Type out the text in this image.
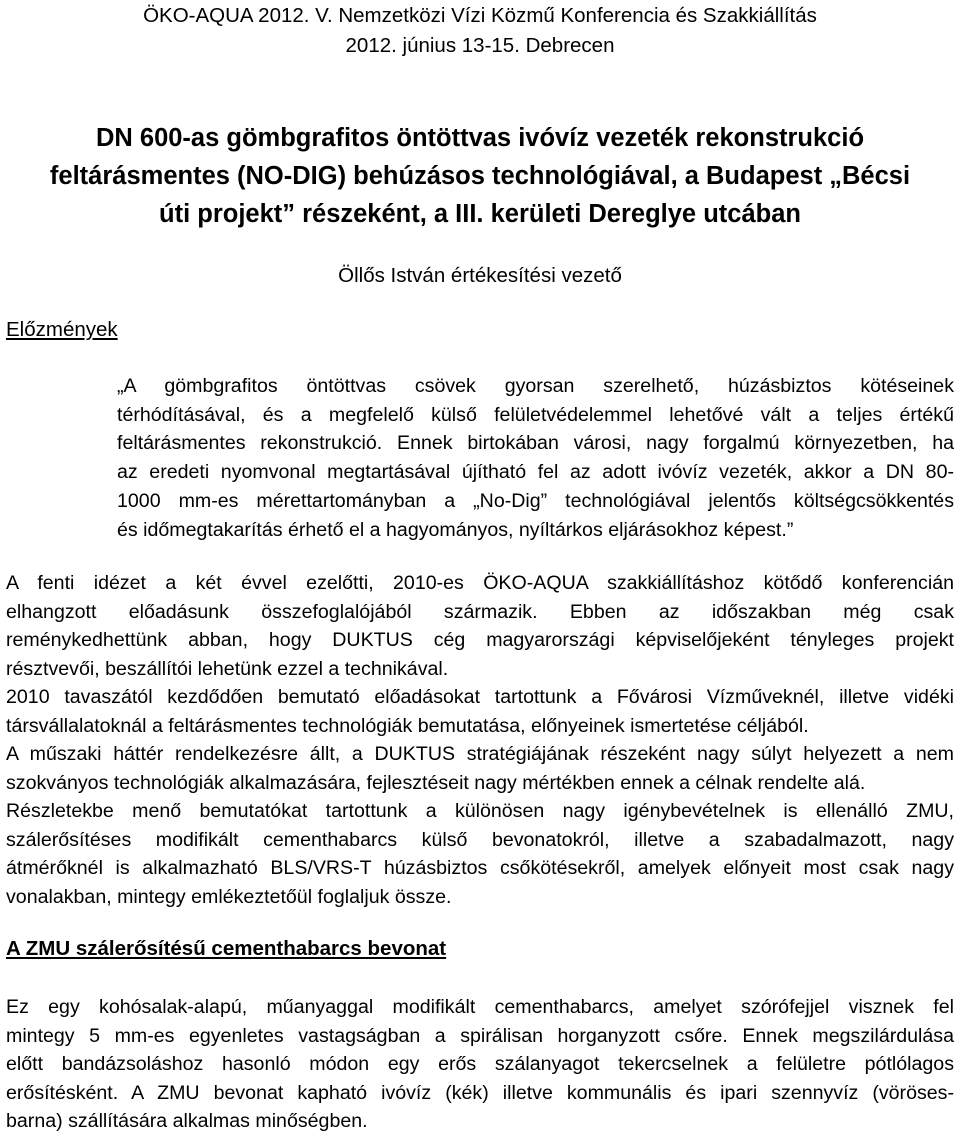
ÖKO-AQUA 2012. V. Nemzetközi Vízi Közmű Konferencia és Szakkiállítás
2012. június 13-15. Debrecen
DN 600-as gömbgrafitos öntöttvas ivóvíz vezeték rekonstrukció
feltárásmentes (NO-DIG) behúzásos technológiával, a Budapest „Bécsi
úti projekt” részeként, a III. kerületi Dereglye utcában
Öllős István értékesítési vezető
Előzmények
„A gömbgrafitos öntöttvas csövek gyorsan szerelhető, húzásbiztos kötéseinek
térhódításával, és a megfelelő külső felületvédelemmel lehetővé vált a teljes értékű
feltárásmentes rekonstrukció. Ennek birtokában városi, nagy forgalmú környezetben, ha
az eredeti nyomvonal megtartásával újítható fel az adott ivóvíz vezeték, akkor a DN 80-
1000 mm-es mérettartományban a „No-Dig” technológiával jelentős költségcsökkentés
és időmegtakarítás érhető el a hagyományos, nyíltárkos eljárásokhoz képest.”
A fenti idézet a két évvel ezelőtti, 2010-es ÖKO-AQUA szakkiállításhoz kötődő konferencián
elhangzott előadásunk összefoglalójából származik. Ebben az időszakban még csak
reménykedhettünk abban, hogy DUKTUS cég magyarországi képviselőjeként tényleges projekt
résztvevői, beszállítói lehetünk ezzel a technikával.
2010 tavaszától kezdődően bemutató előadásokat tartottunk a Fővárosi Vízműveknél, illetve vidéki
társvállalatoknál a feltárásmentes technológiák bemutatása, előnyeinek ismertetése céljából.
A műszaki háttér rendelkezésre állt, a DUKTUS stratégiájának részeként nagy súlyt helyezett a nem
szokványos technológiák alkalmazására, fejlesztéseit nagy mértékben ennek a célnak rendelte alá.
Részletekbe menő bemutatókat tartottunk a különösen nagy igénybevételnek is ellenálló ZMU,
szálerősítéses modifikált cementhabarcs külső bevonatokról, illetve a szabadalmazott, nagy
átmérőknél is alkalmazható BLS/VRS-T húzásbiztos csőkötésekről, amelyek előnyeit most csak nagy
vonalakban, mintegy emlékeztetőül foglaljuk össze.
A ZMU szálerősítésű cementhabarcs bevonat
Ez egy kohósalak-alapú, műanyaggal modifikált cementhabarcs, amelyet szórófejjel visznek fel
mintegy 5 mm-es egyenletes vastagságban a spirálisan horganyzott csőre. Ennek megszilárdulása
előtt bandázsoláshoz hasonló módon egy erős szálanyagot tekercselnek a felületre pótlólagos
erősítésként. A ZMU bevonat kapható ivóvíz (kék) illetve kommunális és ipari szennyvíz (vöröses-
barna) szállítására alkalmas minőségben.
